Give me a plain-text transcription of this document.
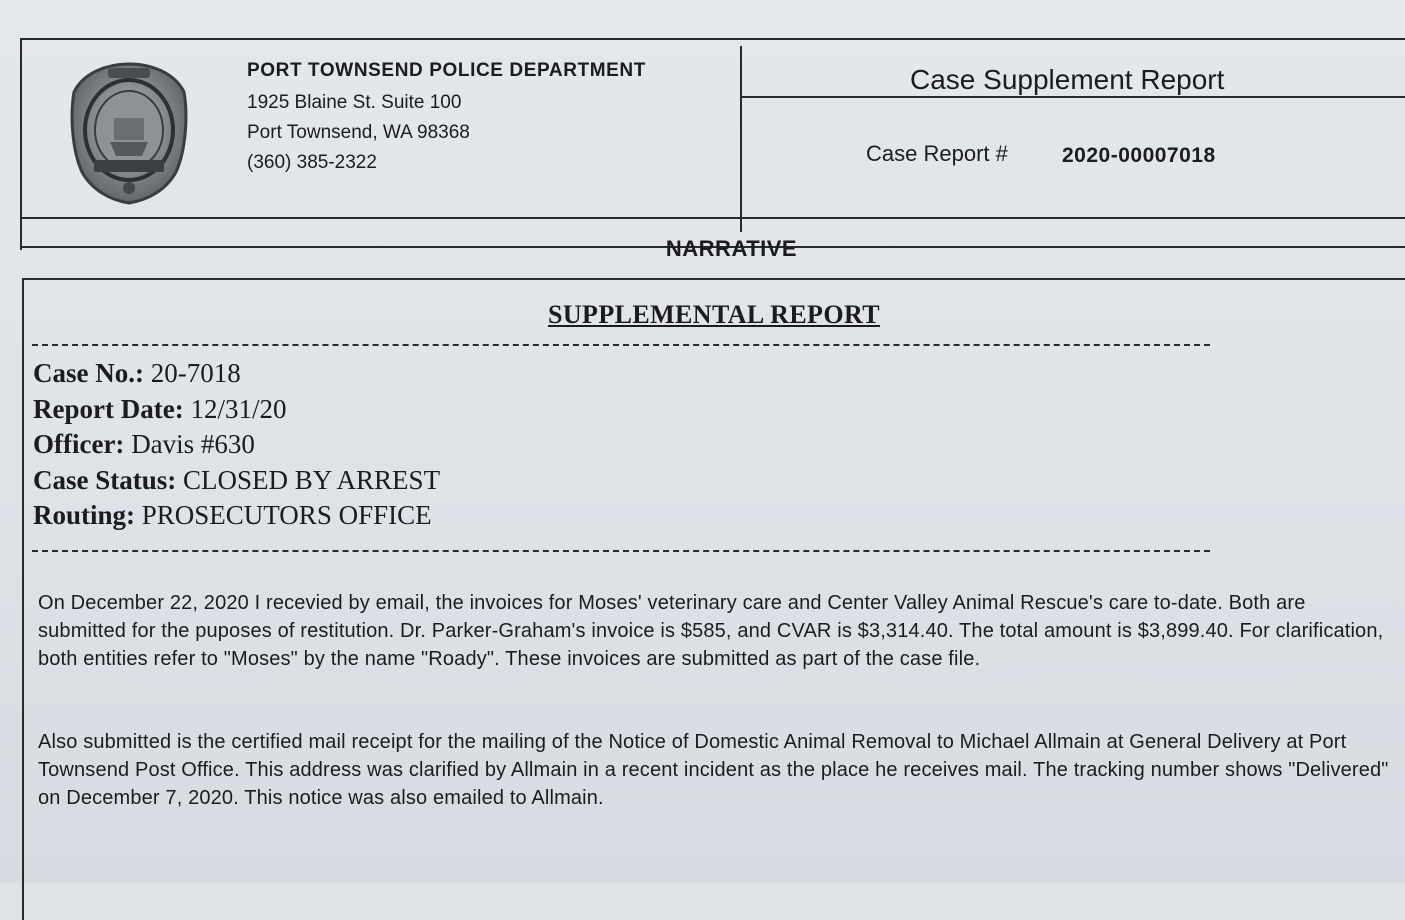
PORT TOWNSEND POLICE DEPARTMENT
1925 Blaine St. Suite 100
Port Townsend, WA 98368
(360) 385-2322
Case Supplement Report
Case Report #	2020-00007018
NARRATIVE
SUPPLEMENTAL REPORT
Case No.: 20-7018
Report Date: 12/31/20
Officer: Davis #630
Case Status: CLOSED BY ARREST
Routing: PROSECUTORS OFFICE
On December 22, 2020 I recevied by email, the invoices for Moses' veterinary care and Center Valley Animal Rescue's care to-date. Both are submitted for the puposes of restitution. Dr. Parker-Graham's invoice is $585, and CVAR is $3,314.40. The total amount is $3,899.40. For clarification, both entities refer to "Moses" by the name "Roady". These invoices are submitted as part of the case file.
Also submitted is the certified mail receipt for the mailing of the Notice of Domestic Animal Removal to Michael Allmain at General Delivery at Port Townsend Post Office. This address was clarified by Allmain in a recent incident as the place he receives mail. The tracking number shows "Delivered" on December 7, 2020. This notice was also emailed to Allmain.
